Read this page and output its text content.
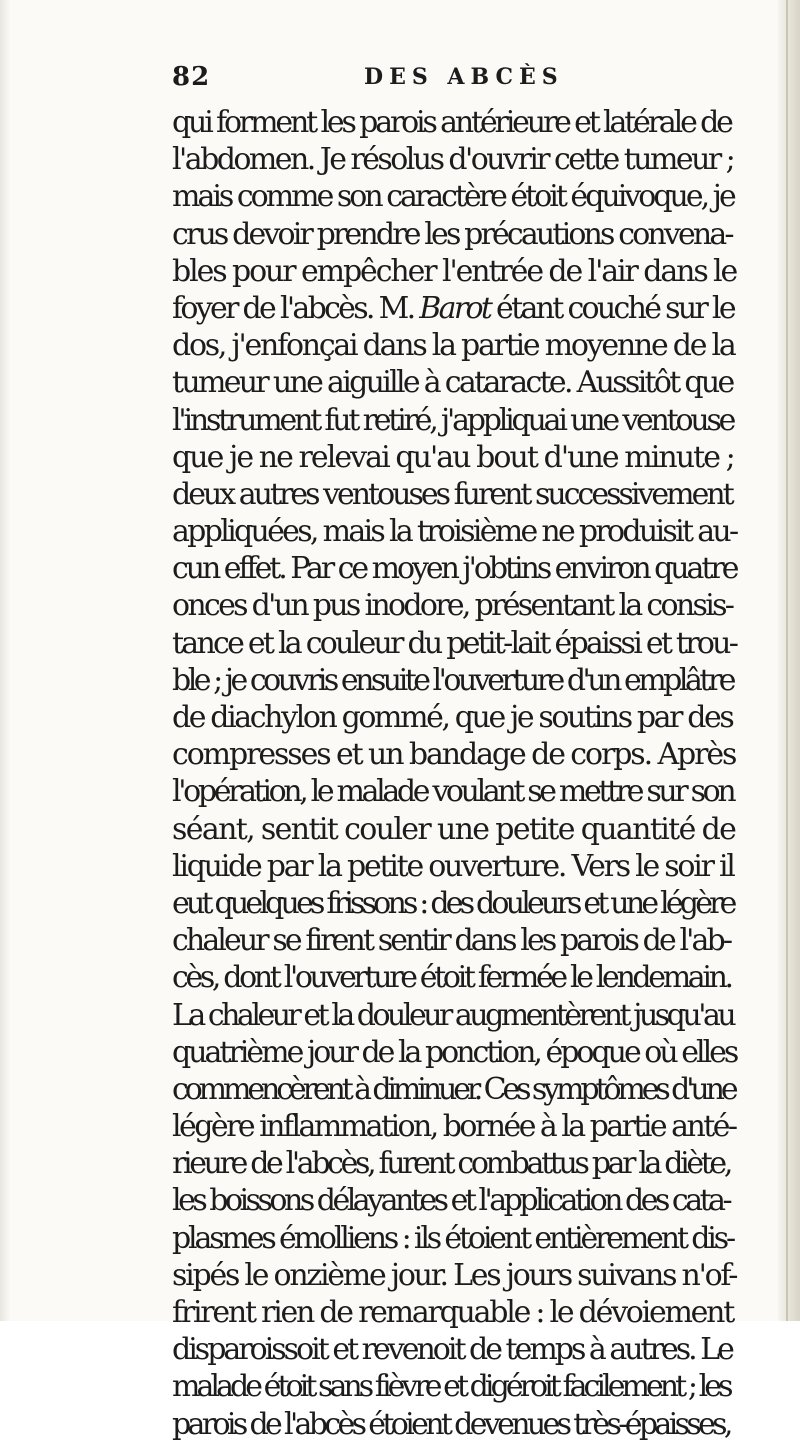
82	DES ABCÈS
qui forment les parois antérieure et latérale de
l'abdomen. Je résolus d'ouvrir cette tumeur ;
mais comme son caractère étoit équivoque, je
crus devoir prendre les précautions convena-
bles pour empêcher l'entrée de l'air dans le
foyer de l'abcès. M. Barot étant couché sur le
dos, j'enfonçai dans la partie moyenne de la
tumeur une aiguille à cataracte. Aussitôt que
l'instrument fut retiré, j'appliquai une ventouse
que je ne relevai qu'au bout d'une minute ;
deux autres ventouses furent successivement
appliquées, mais la troisième ne produisit au-
cun effet. Par ce moyen j'obtins environ quatre
onces d'un pus inodore, présentant la consis-
tance et la couleur du petit-lait épaissi et trou-
ble ; je couvris ensuite l'ouverture d'un emplâtre
de diachylon gommé, que je soutins par des
compresses et un bandage de corps. Après
l'opération, le malade voulant se mettre sur son
séant, sentit couler une petite quantité de
liquide par la petite ouverture. Vers le soir il
eut quelques frissons : des douleurs et une légère
chaleur se firent sentir dans les parois de l'ab-
cès, dont l'ouverture étoit fermée le lendemain.
La chaleur et la douleur augmentèrent jusqu'au
quatrième jour de la ponction, époque où elles
commencèrent à diminuer. Ces symptômes d'une
légère inflammation, bornée à la partie anté-
rieure de l'abcès, furent combattus par la diète,
les boissons délayantes et l'application des cata-
plasmes émolliens : ils étoient entièrement dis-
sipés le onzième jour. Les jours suivans n'of-
frirent rien de remarquable : le dévoiement
disparoissoit et revenoit de temps à autres. Le
malade étoit sans fièvre et digéroit facilement ; les
parois de l'abcès étoient devenues très-épaisses,
